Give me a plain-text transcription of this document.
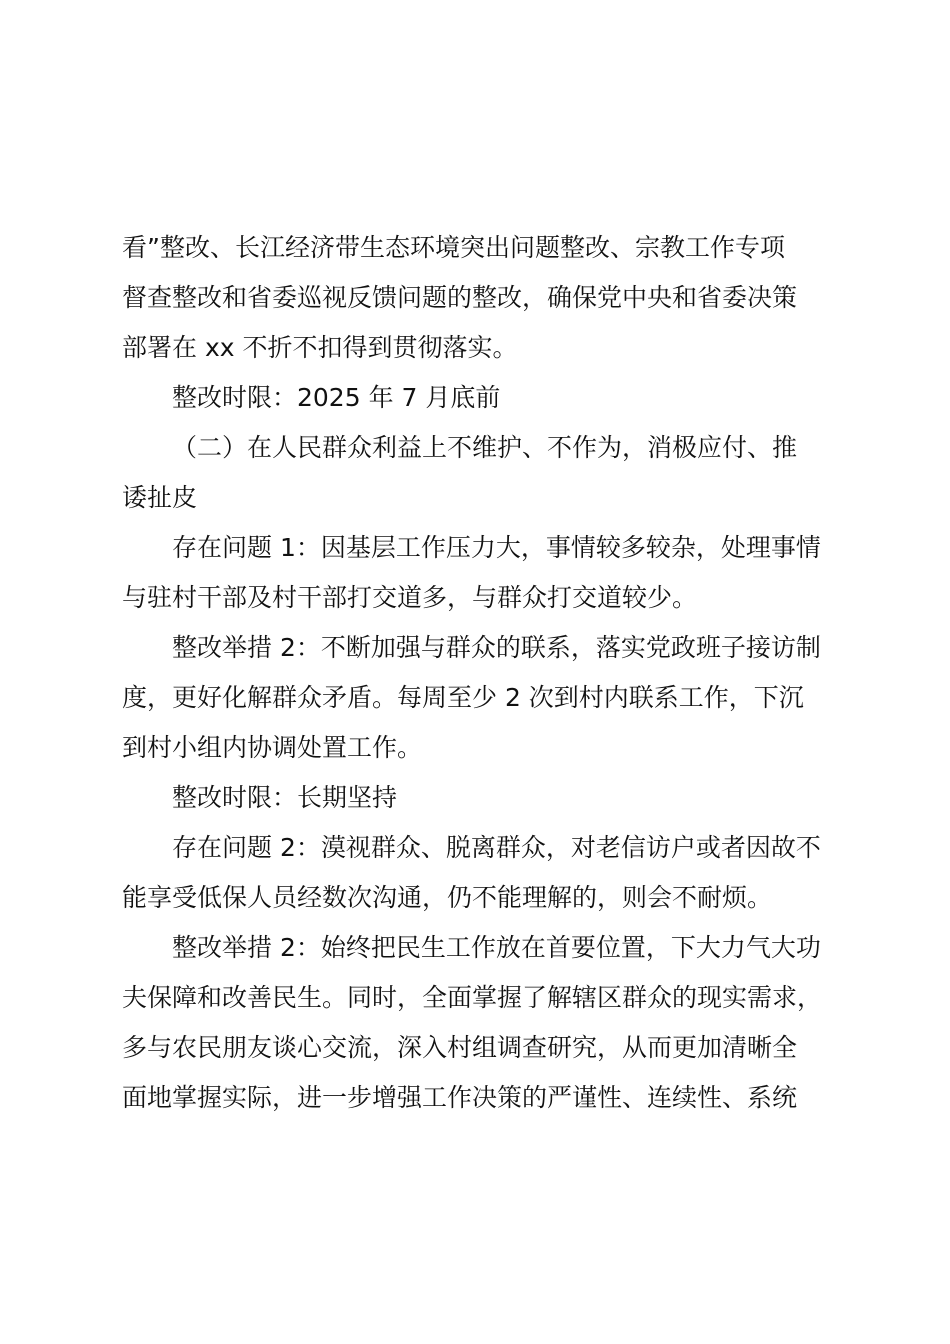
看”整改、长江经济带生态环境突出问题整改、宗教工作专项
督查整改和省委巡视反馈问题的整改，确保党中央和省委决策
部署在 xx 不折不扣得到贯彻落实。
整改时限：2025 年 7 月底前
（二）在人民群众利益上不维护、不作为，消极应付、推
诿扯皮
存在问题 1：因基层工作压力大，事情较多较杂，处理事情
与驻村干部及村干部打交道多，与群众打交道较少。
整改举措 2：不断加强与群众的联系，落实党政班子接访制
度，更好化解群众矛盾。每周至少 2 次到村内联系工作，下沉
到村小组内协调处置工作。
整改时限：长期坚持
存在问题 2：漠视群众、脱离群众，对老信访户或者因故不
能享受低保人员经数次沟通，仍不能理解的，则会不耐烦。
整改举措 2：始终把民生工作放在首要位置，下大力气大功
夫保障和改善民生。同时，全面掌握了解辖区群众的现实需求，
多与农民朋友谈心交流，深入村组调查研究，从而更加清晰全
面地掌握实际，进一步增强工作决策的严谨性、连续性、系统
